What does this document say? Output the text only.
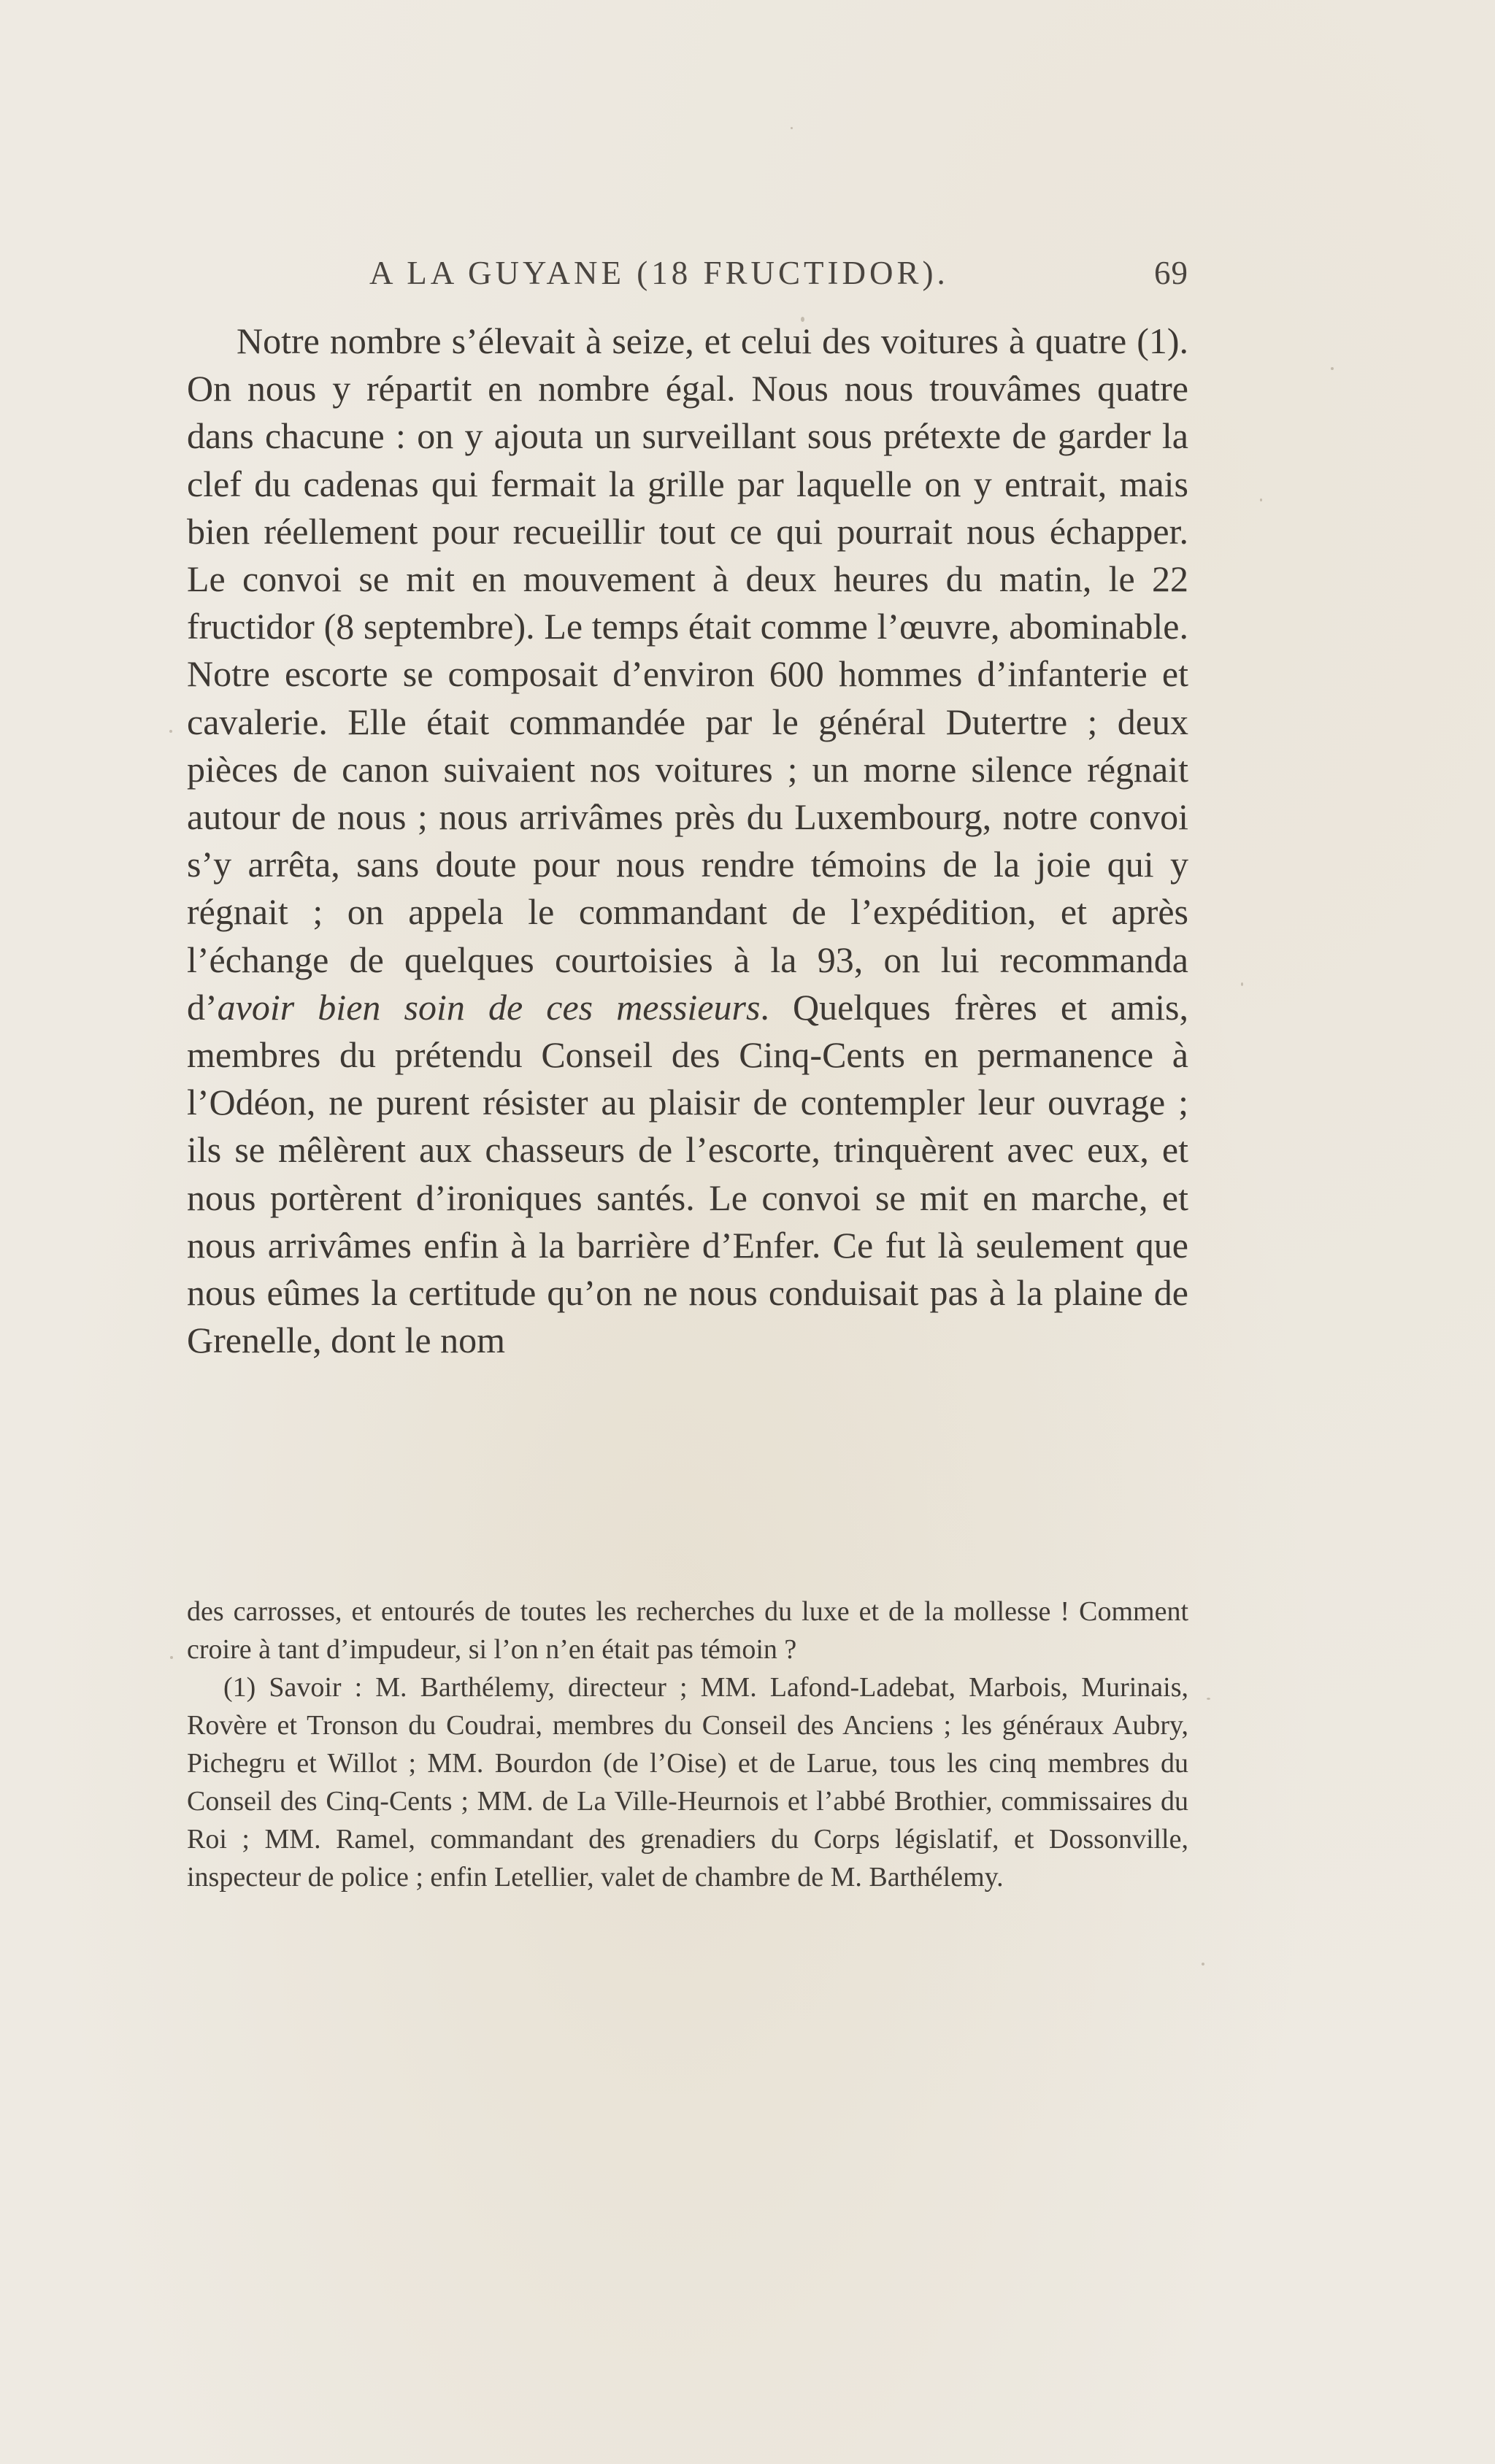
A LA GUYANE (18 FRUCTIDOR).	69

Notre nombre s’élevait à seize, et celui des voitures à quatre (1). On nous y répartit en nombre égal. Nous nous trouvâmes quatre dans chacune : on y ajouta un surveillant sous prétexte de garder la clef du cadenas qui fermait la grille par laquelle on y entrait, mais bien réellement pour recueillir tout ce qui pourrait nous échapper. Le convoi se mit en mouvement à deux heures du matin, le 22 fructidor (8 septembre). Le temps était comme l’œuvre, abominable. Notre escorte se composait d’environ 600 hommes d’infanterie et cavalerie. Elle était commandée par le général Dutertre ; deux pièces de canon suivaient nos voitures ; un morne silence régnait autour de nous ; nous arrivâmes près du Luxembourg, notre convoi s’y arrêta, sans doute pour nous rendre témoins de la joie qui y régnait ; on appela le commandant de l’expédition, et après l’échange de quelques courtoisies à la 93, on lui recommanda d’avoir bien soin de ces messieurs. Quelques frères et amis, membres du prétendu Conseil des Cinq-Cents en permanence à l’Odéon, ne purent résister au plaisir de contempler leur ouvrage ; ils se mêlèrent aux chasseurs de l’escorte, trinquèrent avec eux, et nous portèrent d’ironiques santés. Le convoi se mit en marche, et nous arrivâmes enfin à la barrière d’Enfer. Ce fut là seulement que nous eûmes la certitude qu’on ne nous conduisait pas à la plaine de Grenelle, dont le nom

des carrosses, et entourés de toutes les recherches du luxe et de la mollesse ! Comment croire à tant d’impudeur, si l’on n’en était pas témoin ?

(1) Savoir : M. Barthélemy, directeur ; MM. Lafond-Ladebat, Marbois, Murinais, Rovère et Tronson du Coudrai, membres du Conseil des Anciens ; les généraux Aubry, Pichegru et Willot ; MM. Bourdon (de l’Oise) et de Larue, tous les cinq membres du Conseil des Cinq-Cents ; MM. de La Ville-Heurnois et l’abbé Brothier, commissaires du Roi ; MM. Ramel, commandant des grenadiers du Corps législatif, et Dossonville, inspecteur de police ; enfin Letellier, valet de chambre de M. Barthélemy.
